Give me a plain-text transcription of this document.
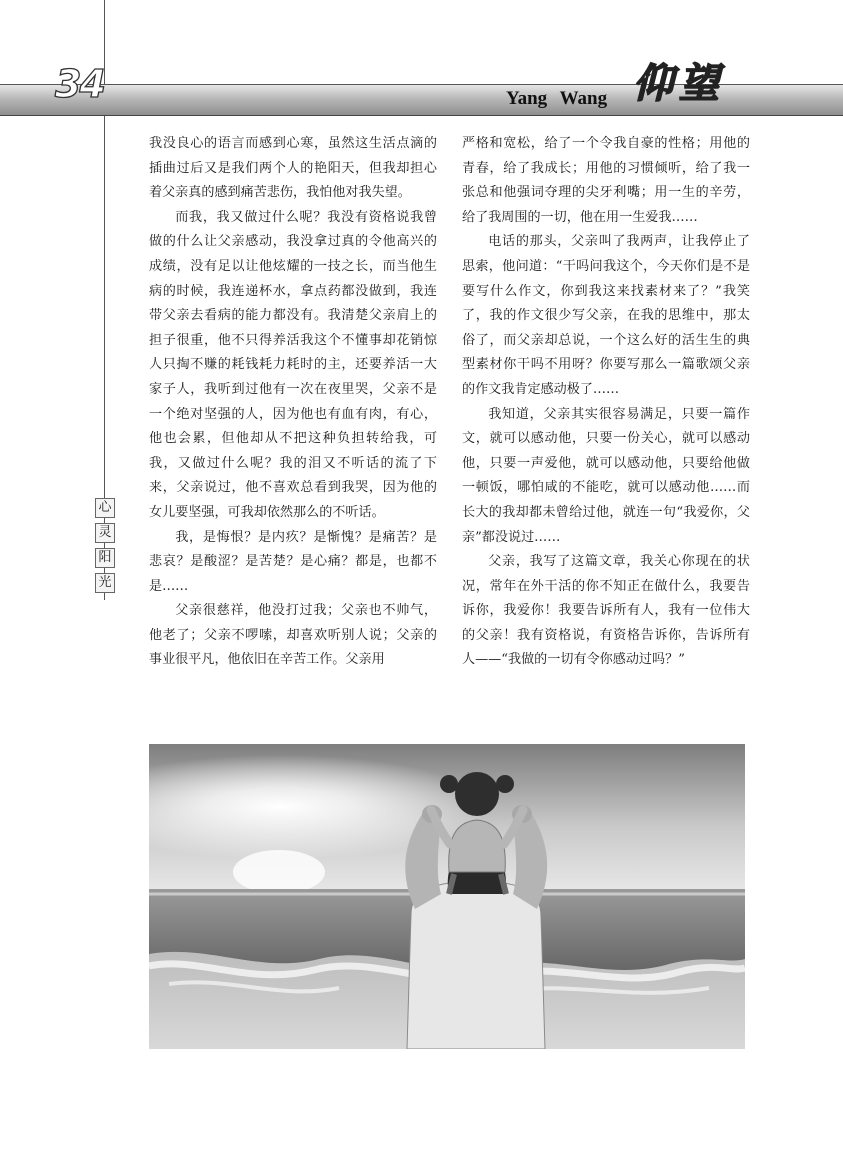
34	Yang Wang 仰望
心
灵
阳
光

我没良心的语言而感到心寒，虽然这生活点滴的插曲过后又是我们两个人的艳阳天，但我却担心着父亲真的感到痛苦悲伤，我怕他对我失望。

而我，我又做过什么呢？我没有资格说我曾做的什么让父亲感动，我没拿过真的令他高兴的成绩，没有足以让他炫耀的一技之长，而当他生病的时候，我连递杯水，拿点药都没做到，我连带父亲去看病的能力都没有。我清楚父亲肩上的担子很重，他不只得养活我这个不懂事却花销惊人只掏不赚的耗钱耗力耗时的主，还要养活一大家子人，我听到过他有一次在夜里哭，父亲不是一个绝对坚强的人，因为他也有血有肉，有心，他也会累，但他却从不把这种负担转给我，可我，又做过什么呢？我的泪又不听话的流了下来，父亲说过，他不喜欢总看到我哭，因为他的女儿要坚强，可我却依然那么的不听话。

我，是悔恨？是内疚？是惭愧？是痛苦？是悲哀？是酸涩？是苦楚？是心痛？都是，也都不是……

父亲很慈祥，他没打过我；父亲也不帅气，他老了；父亲不啰嗦，却喜欢听别人说；父亲的事业很平凡，他依旧在辛苦工作。父亲用

严格和宽松，给了一个令我自豪的性格；用他的青春，给了我成长；用他的习惯倾听，给了我一张总和他强词夺理的尖牙利嘴；用一生的辛劳，给了我周围的一切，他在用一生爱我……

电话的那头，父亲叫了我两声，让我停止了思索，他问道：“干吗问我这个，今天你们是不是要写什么作文，你到我这来找素材来了？”我笑了，我的作文很少写父亲，在我的思维中，那太俗了，而父亲却总说，一个这么好的活生生的典型素材你干吗不用呀？你要写那么一篇歌颂父亲的作文我肯定感动极了……

我知道，父亲其实很容易满足，只要一篇作文，就可以感动他，只要一份关心，就可以感动他，只要一声爱他，就可以感动他，只要给他做一顿饭，哪怕咸的不能吃，就可以感动他……而长大的我却都未曾给过他，就连一句“我爱你，父亲”都没说过……

父亲，我写了这篇文章，我关心你现在的状况，常年在外干活的你不知正在做什么，我要告诉你，我爱你！我要告诉所有人，我有一位伟大的父亲！我有资格说，有资格告诉你，告诉所有人——“我做的一切有令你感动过吗？”
